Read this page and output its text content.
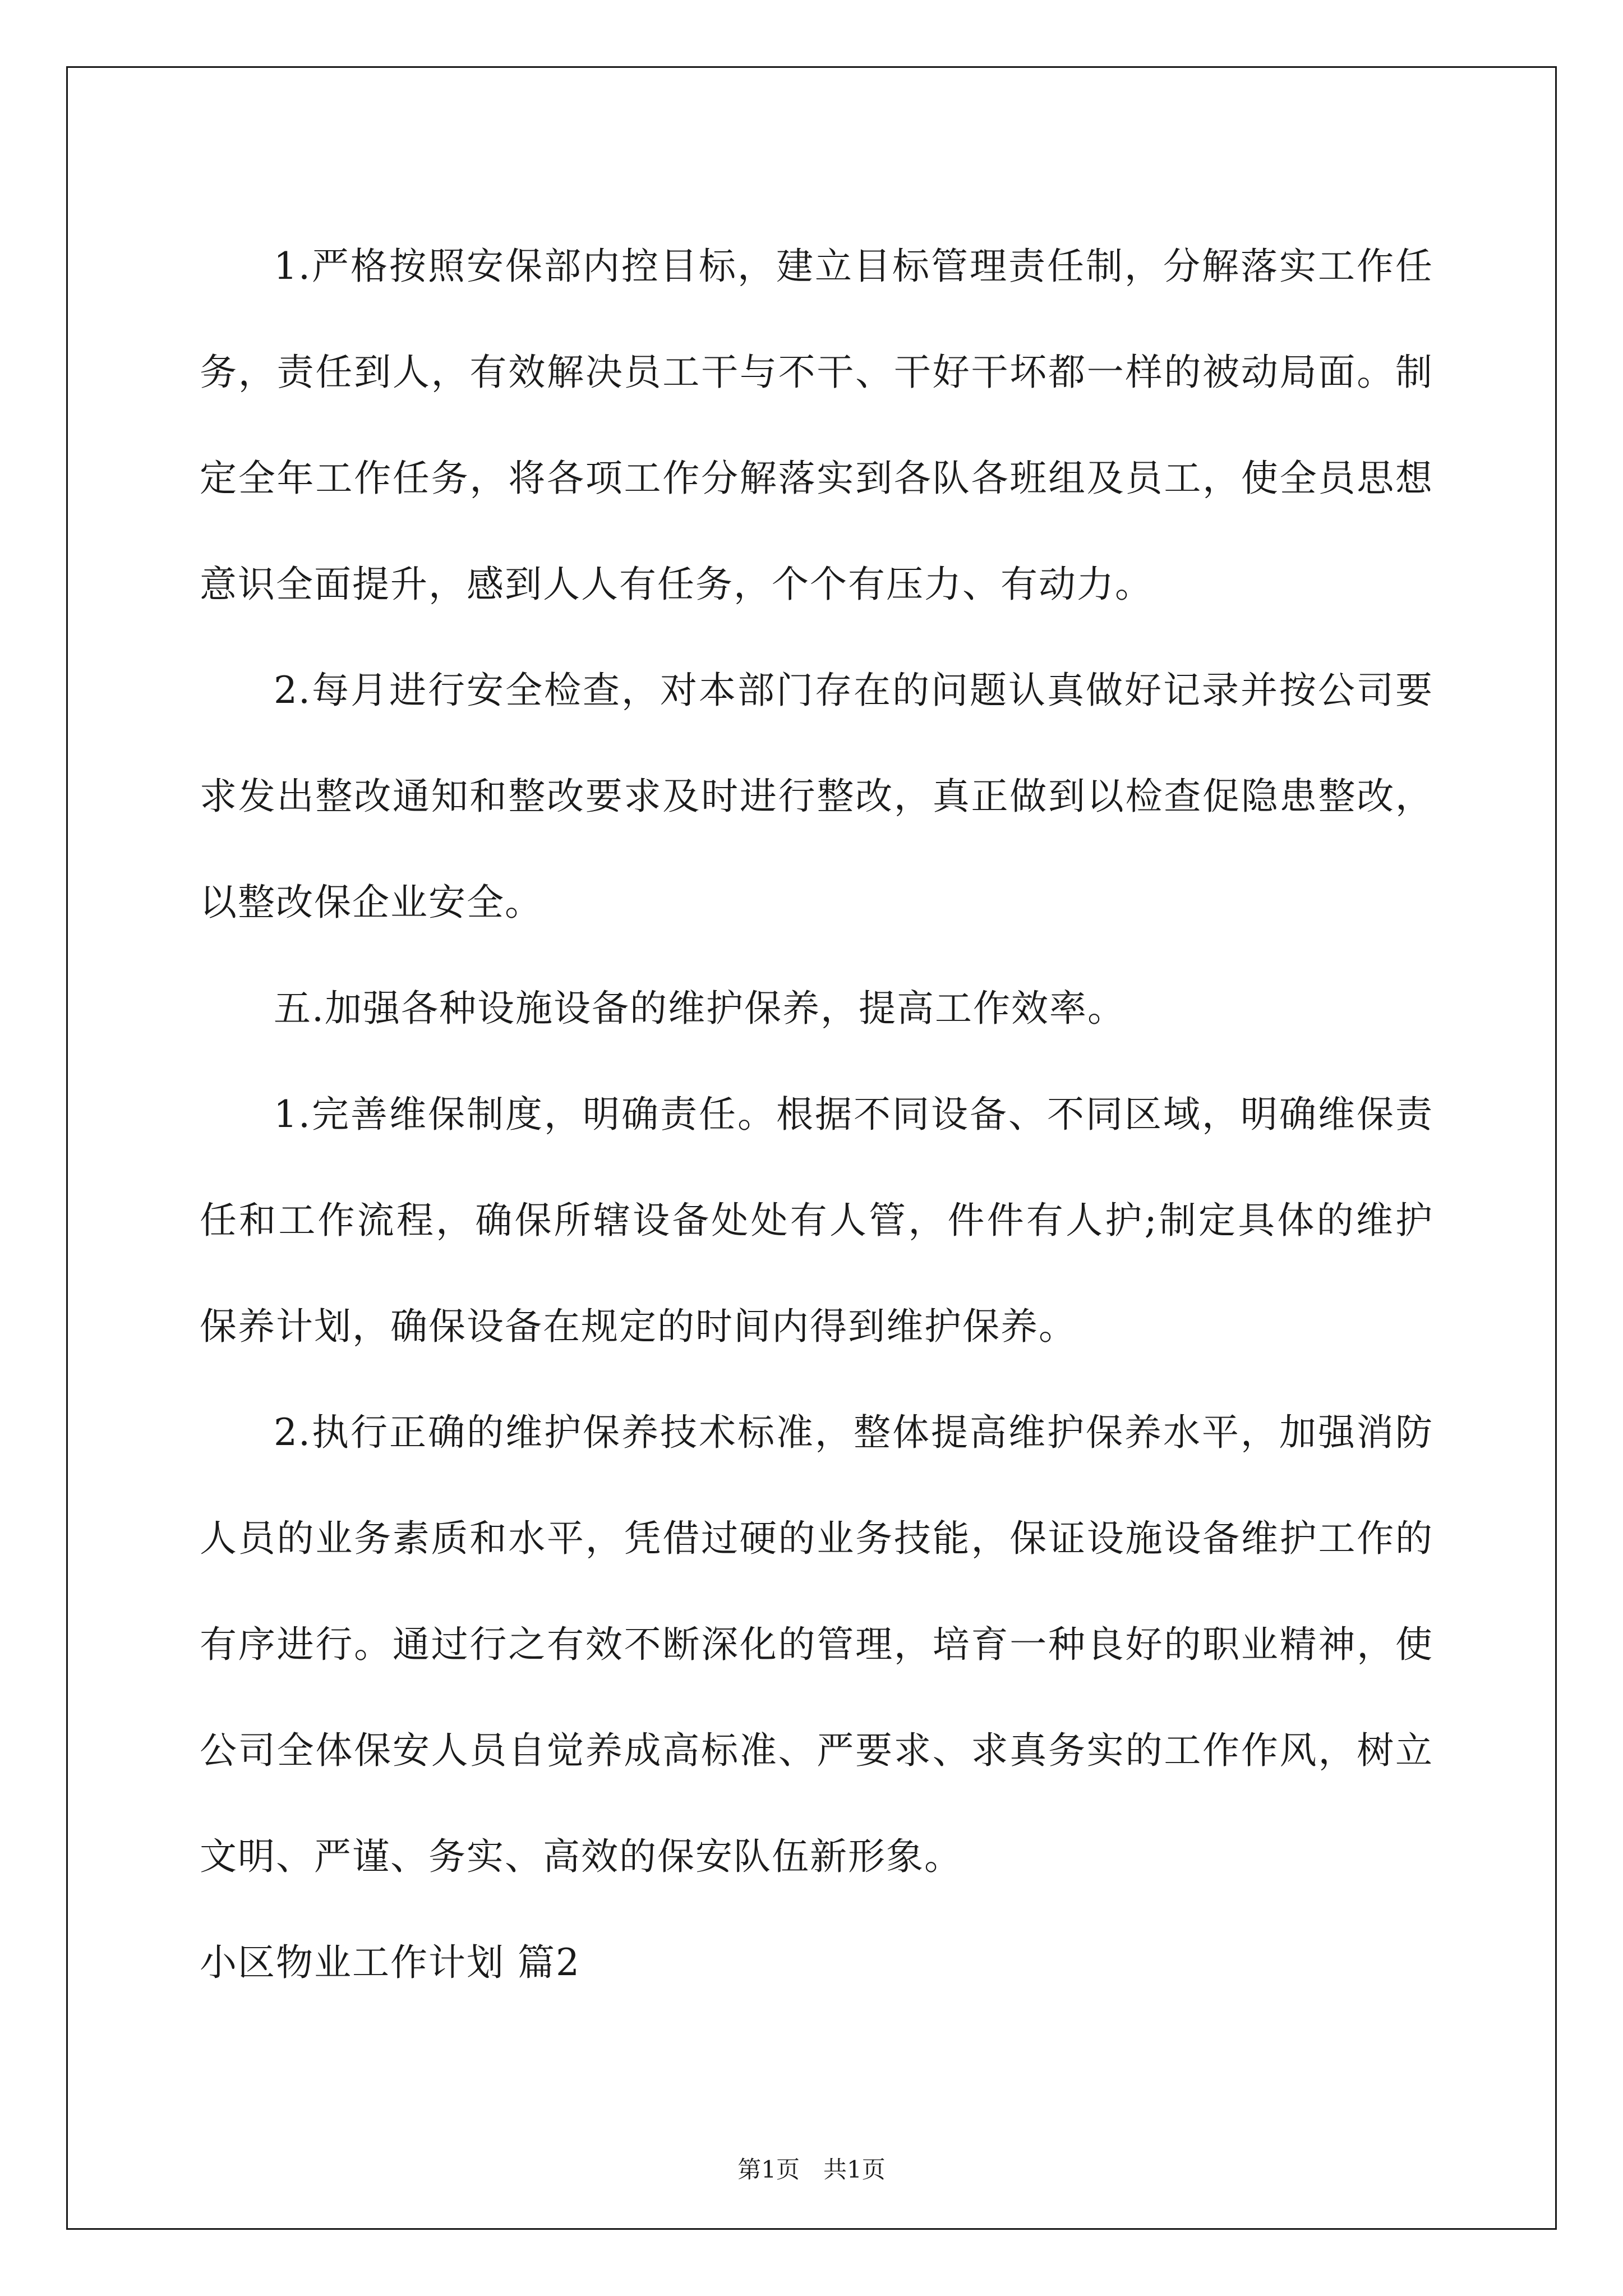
1.严格按照安保部内控目标，建立目标管理责任制，分解落实工作任务，责任到人，有效解决员工干与不干、干好干坏都一样的被动局面。制定全年工作任务，将各项工作分解落实到各队各班组及员工，使全员思想意识全面提升，感到人人有任务，个个有压力、有动力。

2.每月进行安全检查，对本部门存在的问题认真做好记录并按公司要求发出整改通知和整改要求及时进行整改，真正做到以检查促隐患整改，以整改保企业安全。

五.加强各种设施设备的维护保养，提高工作效率。

1.完善维保制度，明确责任。根据不同设备、不同区域，明确维保责任和工作流程，确保所辖设备处处有人管，件件有人护;制定具体的维护保养计划，确保设备在规定的时间内得到维护保养。

2.执行正确的维护保养技术标准，整体提高维护保养水平，加强消防人员的业务素质和水平，凭借过硬的业务技能，保证设施设备维护工作的有序进行。通过行之有效不断深化的管理，培育一种良好的职业精神，使公司全体保安人员自觉养成高标准、严要求、求真务实的工作作风，树立文明、严谨、务实、高效的保安队伍新形象。

小区物业工作计划 篇2

第1页　共1页
